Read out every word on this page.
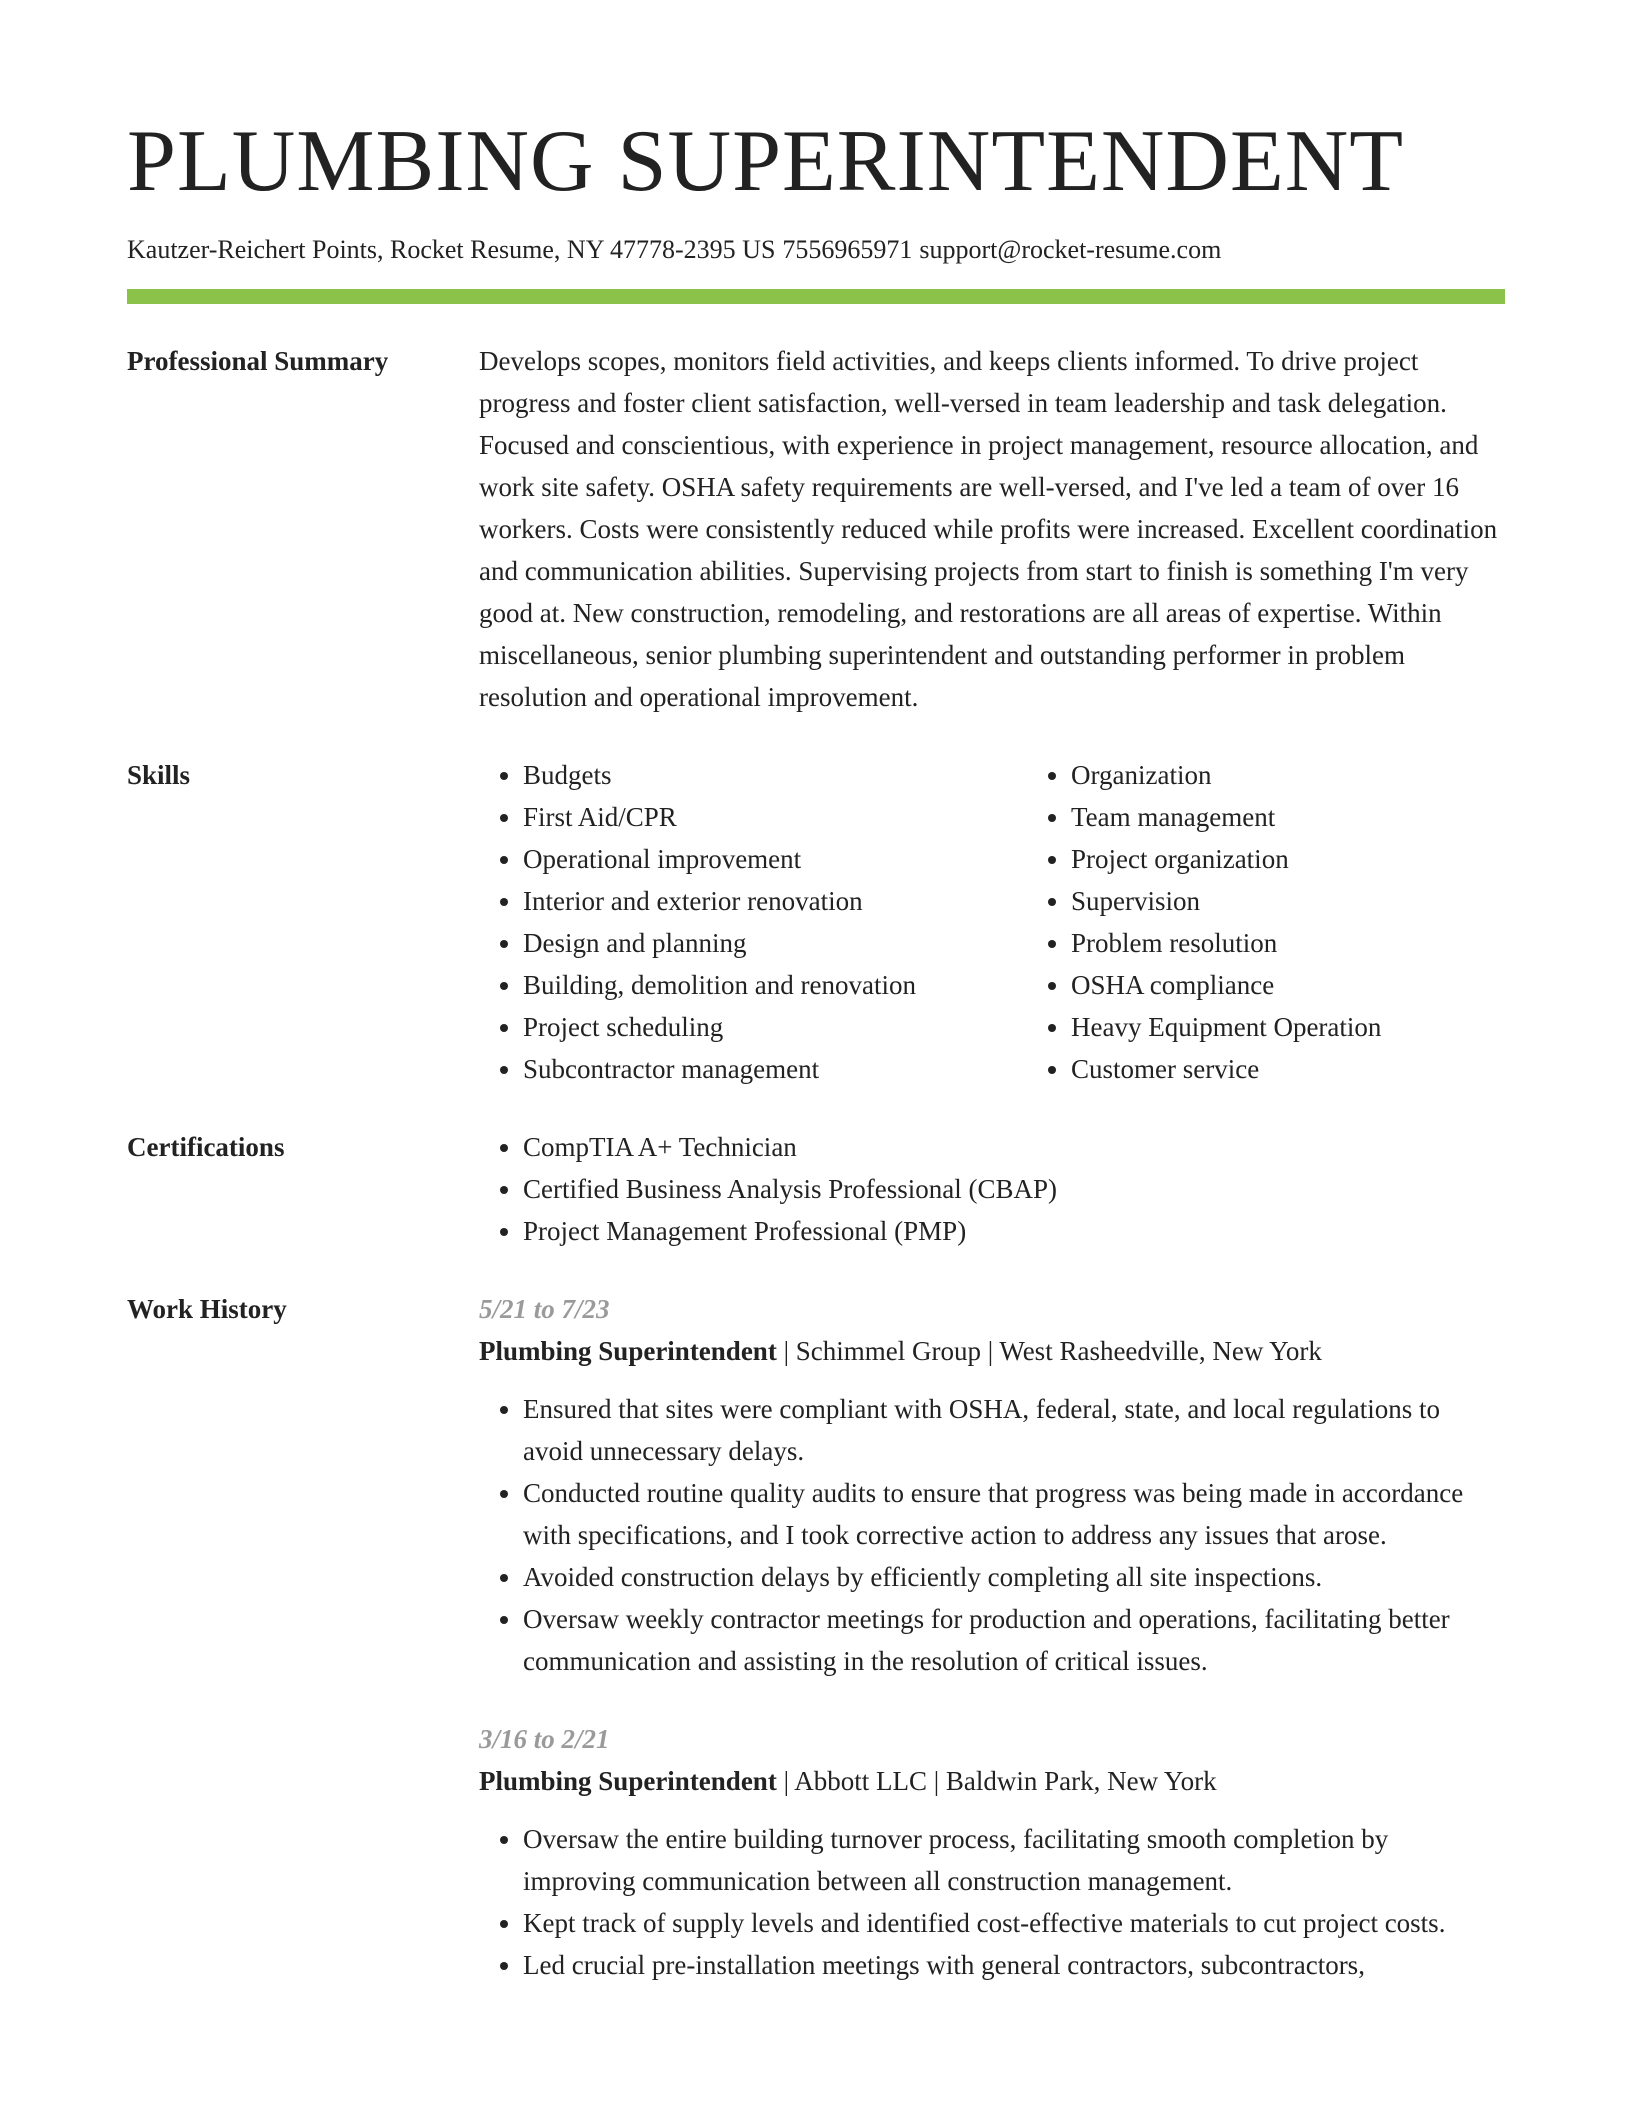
PLUMBING SUPERINTENDENT
Kautzer-Reichert Points, Rocket Resume, NY 47778-2395 US 7556965971 support@rocket-resume.com
Professional Summary	Develops scopes, monitors field activities, and keeps clients informed. To drive project progress and foster client satisfaction, well-versed in team leadership and task delegation. Focused and conscientious, with experience in project management, resource allocation, and work site safety. OSHA safety requirements are well-versed, and I've led a team of over 16 workers. Costs were consistently reduced while profits were increased. Excellent coordination and communication abilities. Supervising projects from start to finish is something I'm very good at. New construction, remodeling, and restorations are all areas of expertise. Within miscellaneous, senior plumbing superintendent and outstanding performer in problem resolution and operational improvement.

Skills	• Budgets
• First Aid/CPR
• Operational improvement
• Interior and exterior renovation
• Design and planning
• Building, demolition and renovation
• Project scheduling
• Subcontractor management
• Organization
• Team management
• Project organization
• Supervision
• Problem resolution
• OSHA compliance
• Heavy Equipment Operation
• Customer service
Certifications	• CompTIA A+ Technician
• Certified Business Analysis Professional (CBAP)
• Project Management Professional (PMP)
Work History	5/21 to 7/23
Plumbing Superintendent | Schimmel Group | West Rasheedville, New York
• Ensured that sites were compliant with OSHA, federal, state, and local regulations to avoid unnecessary delays.
• Conducted routine quality audits to ensure that progress was being made in accordance with specifications, and I took corrective action to address any issues that arose.
• Avoided construction delays by efficiently completing all site inspections.
• Oversaw weekly contractor meetings for production and operations, facilitating better communication and assisting in the resolution of critical issues.
3/16 to 2/21
Plumbing Superintendent | Abbott LLC | Baldwin Park, New York
• Oversaw the entire building turnover process, facilitating smooth completion by improving communication between all construction management.
• Kept track of supply levels and identified cost-effective materials to cut project costs.
• Led crucial pre-installation meetings with general contractors, subcontractors,
